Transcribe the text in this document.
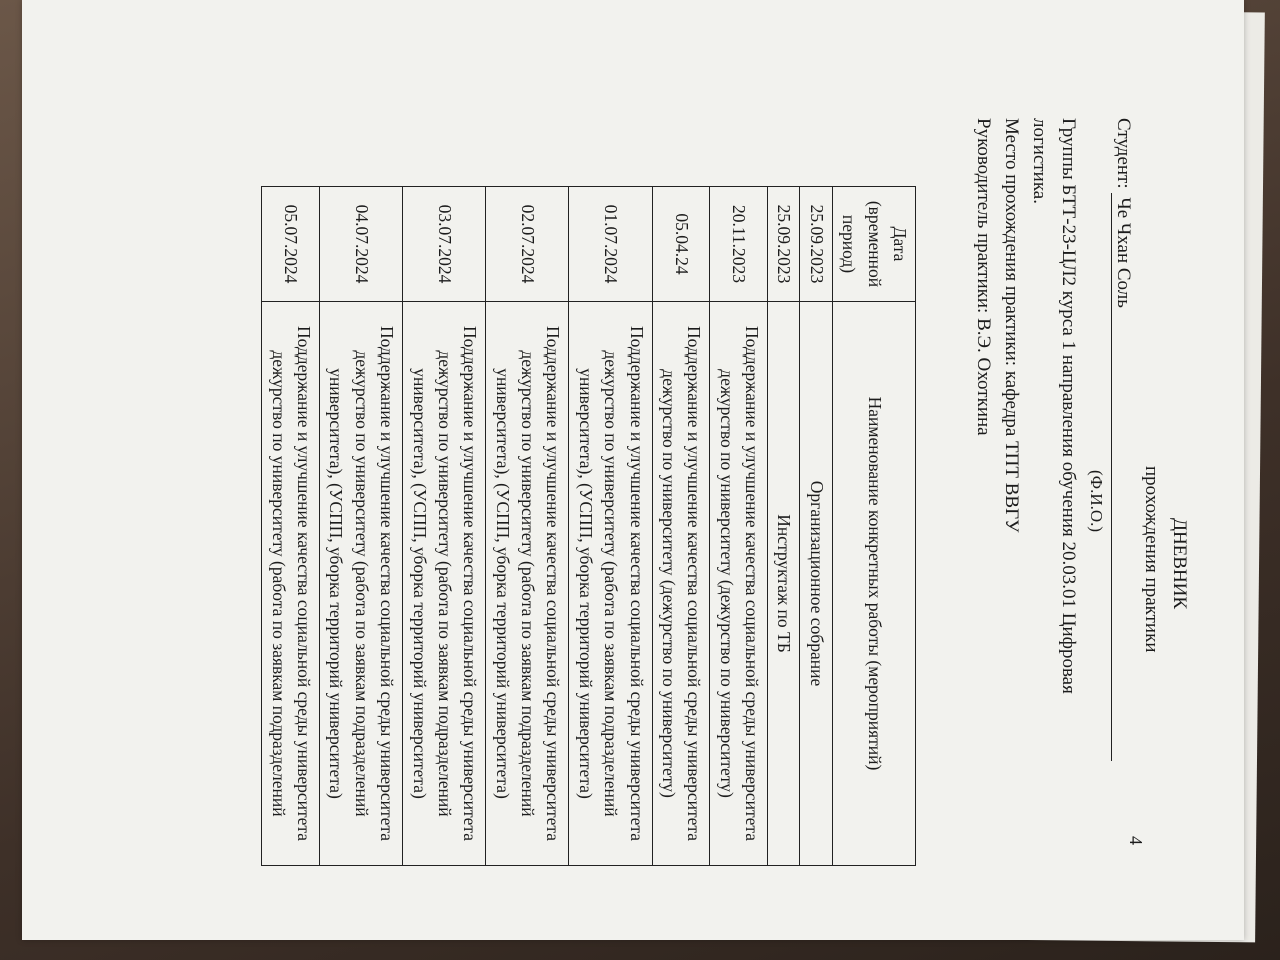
ДНЕВНИК
прохождения практики
Студент: Че Чхан Соль
(Ф.И.О.)
Группы БТТ-23-ЦЛ2 курса 1 направления обучения 20.03.01 Цифровая
логистика.
Место прохождения практики: кафедра ТПТ ВВГУ
Руководитель практики: В.Э. Охоткина
4
Дата (временной период)	Наименование конкретных работы (мероприятий)
25.09.2023	Организационное собрание
25.09.2023	Инструктаж по ТБ
20.11.2023	Поддержание и улучшение качества социальной среды университета дежурство по университету (дежурство по университету)
05.04.24	Поддержание и улучшение качества социальной среды университета дежурство по университету (дежурство по университету)
01.07.2024	Поддержание и улучшение качества социальной среды университета дежурство по университету (работа по заявкам подразделений университета), (УСПП, уборка территорий университета)
02.07.2024	Поддержание и улучшение качества социальной среды университета дежурство по университету (работа по заявкам подразделений университета), (УСПП, уборка территорий университета)
03.07.2024	Поддержание и улучшение качества социальной среды университета дежурство по университету (работа по заявкам подразделений университета), (УСПП, уборка территорий университета)
04.07.2024	Поддержание и улучшение качества социальной среды университета дежурство по университету (работа по заявкам подразделений университета), (УСПП, уборка территорий университета)
05.07.2024	Поддержание и улучшение качества социальной среды университета дежурство по университету (работа по заявкам подразделений
